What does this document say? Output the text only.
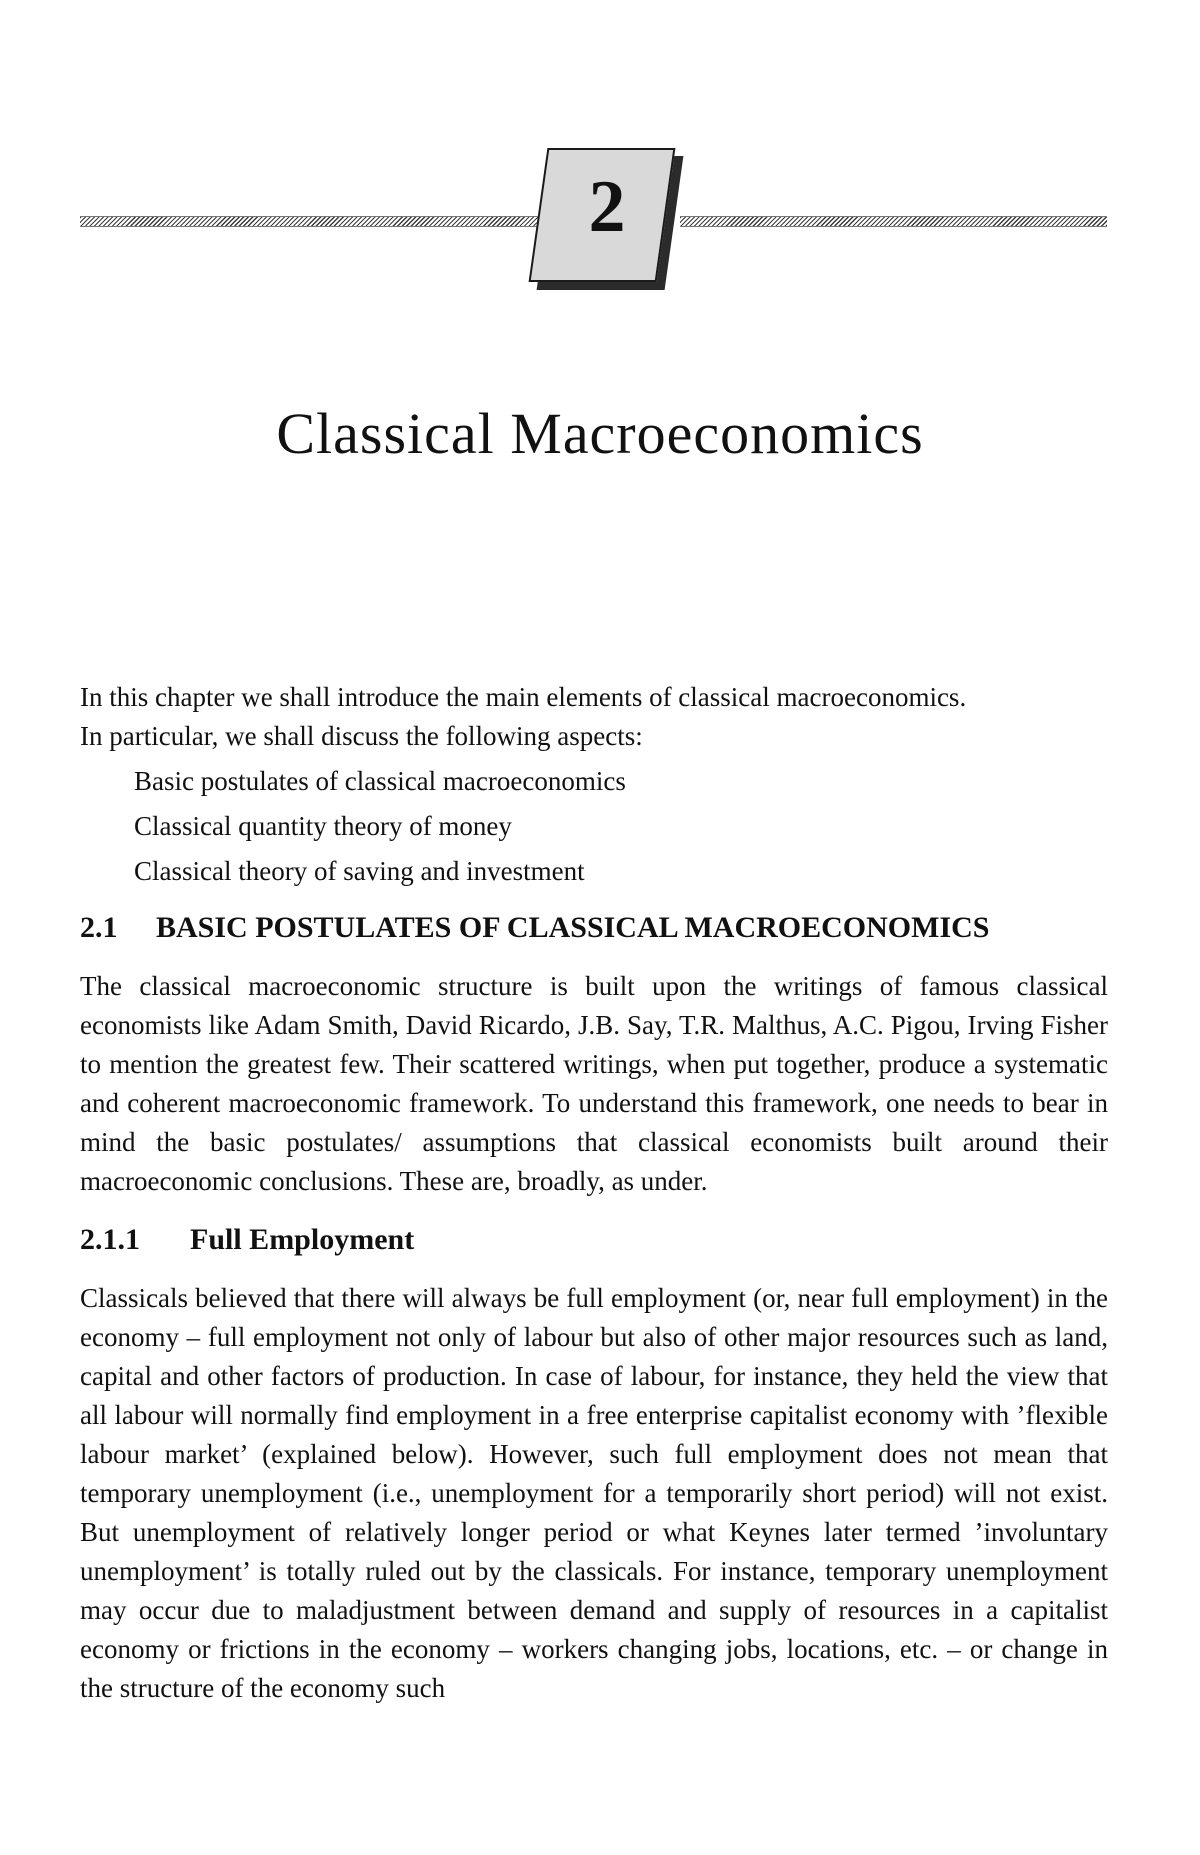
2
Classical Macroeconomics

In this chapter we shall introduce the main elements of classical macroeconomics.

In particular, we shall discuss the following aspects:

Basic postulates of classical macroeconomics
Classical quantity theory of money
Classical theory of saving and investment
2.1 BASIC POSTULATES OF CLASSICAL MACROECONOMICS

The classical macroeconomic structure is built upon the writings of famous classical economists like Adam Smith, David Ricardo, J.B. Say, T.R. Malthus, A.C. Pigou, Irving Fisher to mention the greatest few. Their scattered writings, when put together, produce a systematic and coherent macroeconomic framework. To understand this framework, one needs to bear in mind the basic postulates/ assumptions that classical economists built around their macroeconomic conclusions. These are, broadly, as under.

2.1.1 Full Employment

Classicals believed that there will always be full employment (or, near full employment) in the economy – full employment not only of labour but also of other major resources such as land, capital and other factors of production. In case of labour, for instance, they held the view that all labour will normally find employment in a free enterprise capitalist economy with ’flexible labour market’ (explained below). However, such full employment does not mean that temporary unemployment (i.e., unemployment for a temporarily short period) will not exist. But unemployment of relatively longer period or what Keynes later termed ’involuntary unemployment’ is totally ruled out by the classicals. For instance, temporary unemployment may occur due to maladjustment between demand and supply of resources in a capitalist economy or frictions in the economy – workers changing jobs, locations, etc. – or change in the structure of the economy such
